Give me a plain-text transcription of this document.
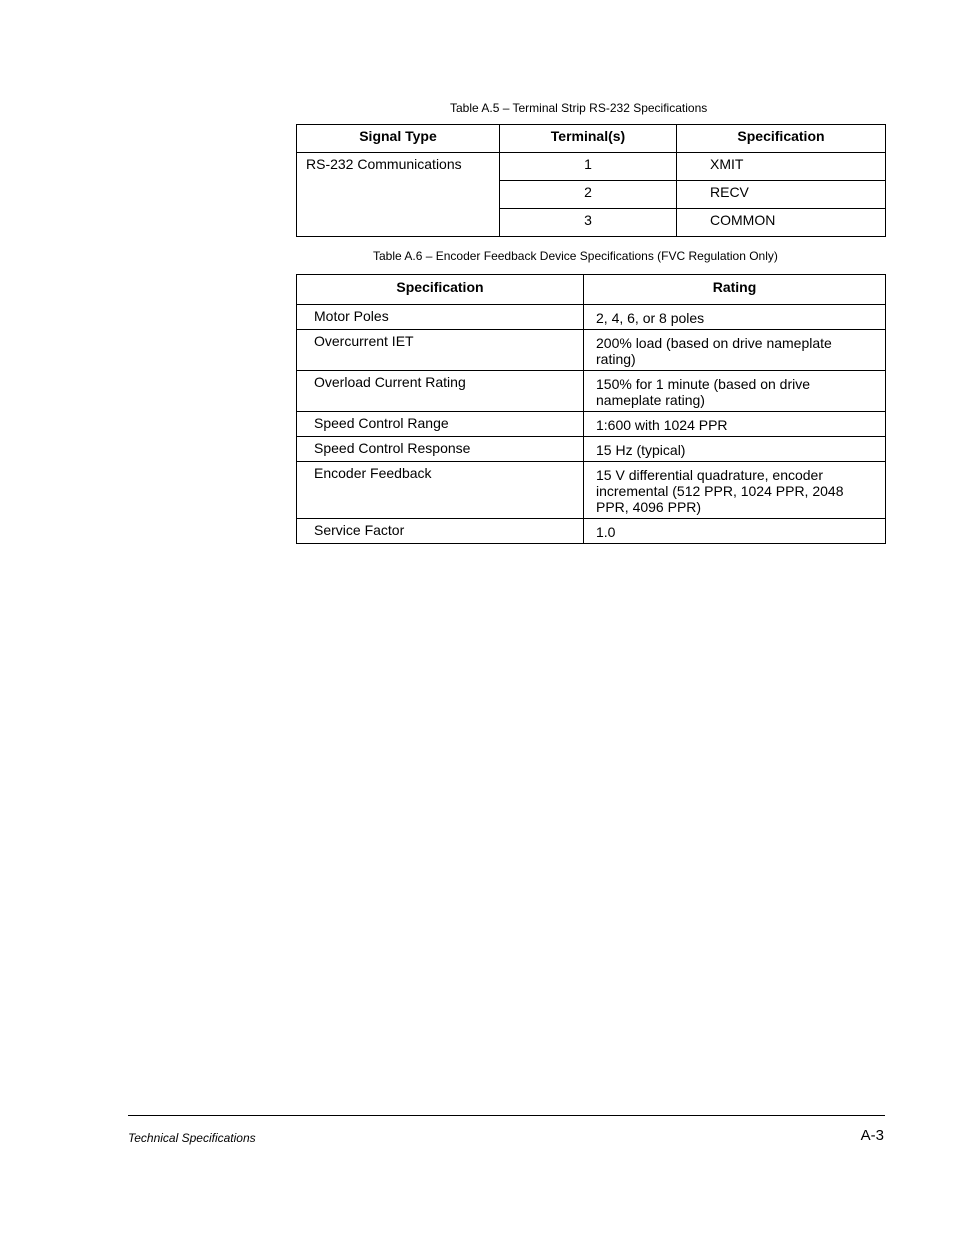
Table A.5 – Terminal Strip RS-232 Specifications
Signal Type	Terminal(s)	Specification
RS-232 Communications	1	XMIT
	2	RECV
	3	COMMON
Table A.6 – Encoder Feedback Device Specifications (FVC Regulation Only)
Specification	Rating
Motor Poles	2, 4, 6, or 8 poles
Overcurrent IET	200% load (based on drive nameplate rating)
Overload Current Rating	150% for 1 minute (based on drive nameplate rating)
Speed Control Range	1:600 with 1024 PPR
Speed Control Response	15 Hz (typical)
Encoder Feedback	15 V differential quadrature, encoder incremental (512 PPR, 1024 PPR, 2048 PPR, 4096 PPR)
Service Factor	1.0
Technical Specifications	A-3
